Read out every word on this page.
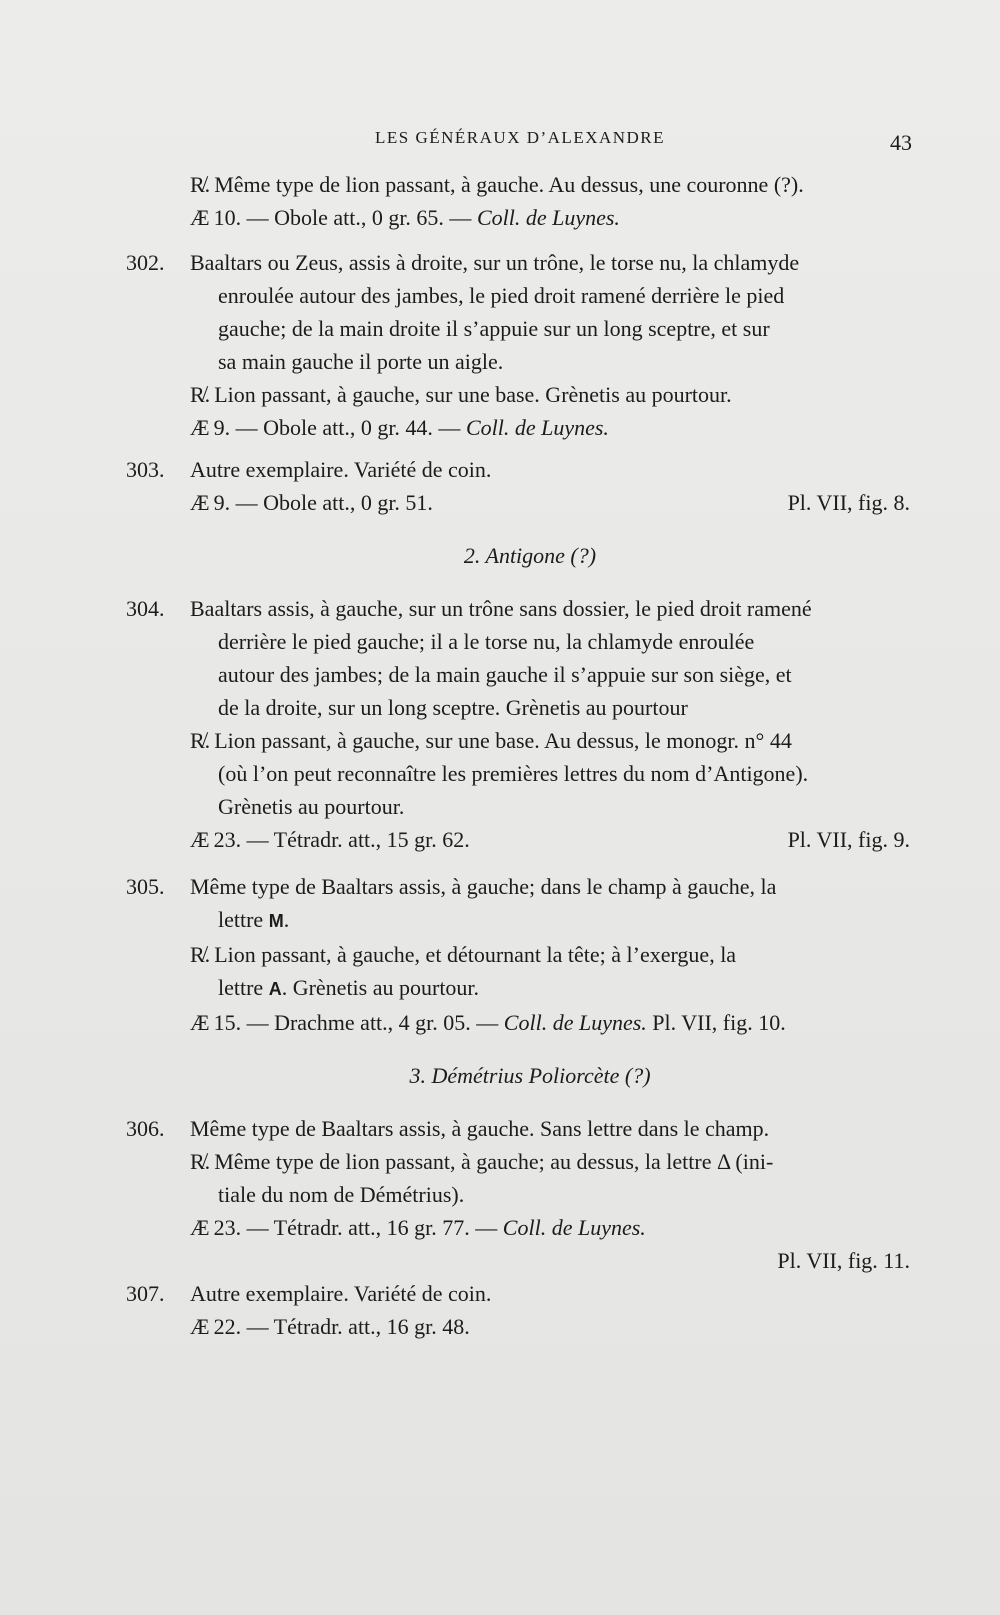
LES GÉNÉRAUX D’ALEXANDRE	43

R̸. Même type de lion passant, à gauche. Au dessus, une couronne (?).

Æ 10. — Obole att., 0 gr. 65. — Coll. de Luynes.

302. Baaltars ou Zeus, assis à droite, sur un trône, le torse nu, la chlamyde

enroulée autour des jambes, le pied droit ramené derrière le pied

gauche; de la main droite il s’appuie sur un long sceptre, et sur

sa main gauche il porte un aigle.

R̸. Lion passant, à gauche, sur une base. Grènetis au pourtour.

Æ 9. — Obole att., 0 gr. 44. — Coll. de Luynes.

303. Autre exemplaire. Variété de coin.

Æ 9. — Obole att., 0 gr. 51.	Pl. VII, fig. 8.

2. Antigone (?)
304. Baaltars assis, à gauche, sur un trône sans dossier, le pied droit ramené

derrière le pied gauche; il a le torse nu, la chlamyde enroulée

autour des jambes; de la main gauche il s’appuie sur son siège, et

de la droite, sur un long sceptre. Grènetis au pourtour

R̸. Lion passant, à gauche, sur une base. Au dessus, le monogr. n° 44

(où l’on peut reconnaître les premières lettres du nom d’Antigone).

Grènetis au pourtour.

Æ 23. — Tétradr. att., 15 gr. 62.	Pl. VII, fig. 9.

305. Même type de Baaltars assis, à gauche; dans le champ à gauche, la

lettre M.

R̸. Lion passant, à gauche, et détournant la tête; à l’exergue, la

lettre A. Grènetis au pourtour.

Æ 15. — Drachme att., 4 gr. 05. — Coll. de Luynes. Pl. VII, fig. 10.

3. Démétrius Poliorcète (?)
306. Même type de Baaltars assis, à gauche. Sans lettre dans le champ.

R̸. Même type de lion passant, à gauche; au dessus, la lettre Δ (ini-

tiale du nom de Démétrius).

Æ 23. — Tétradr. att., 16 gr. 77. — Coll. de Luynes.

Pl. VII, fig. 11.

307. Autre exemplaire. Variété de coin.

Æ 22. — Tétradr. att., 16 gr. 48.
